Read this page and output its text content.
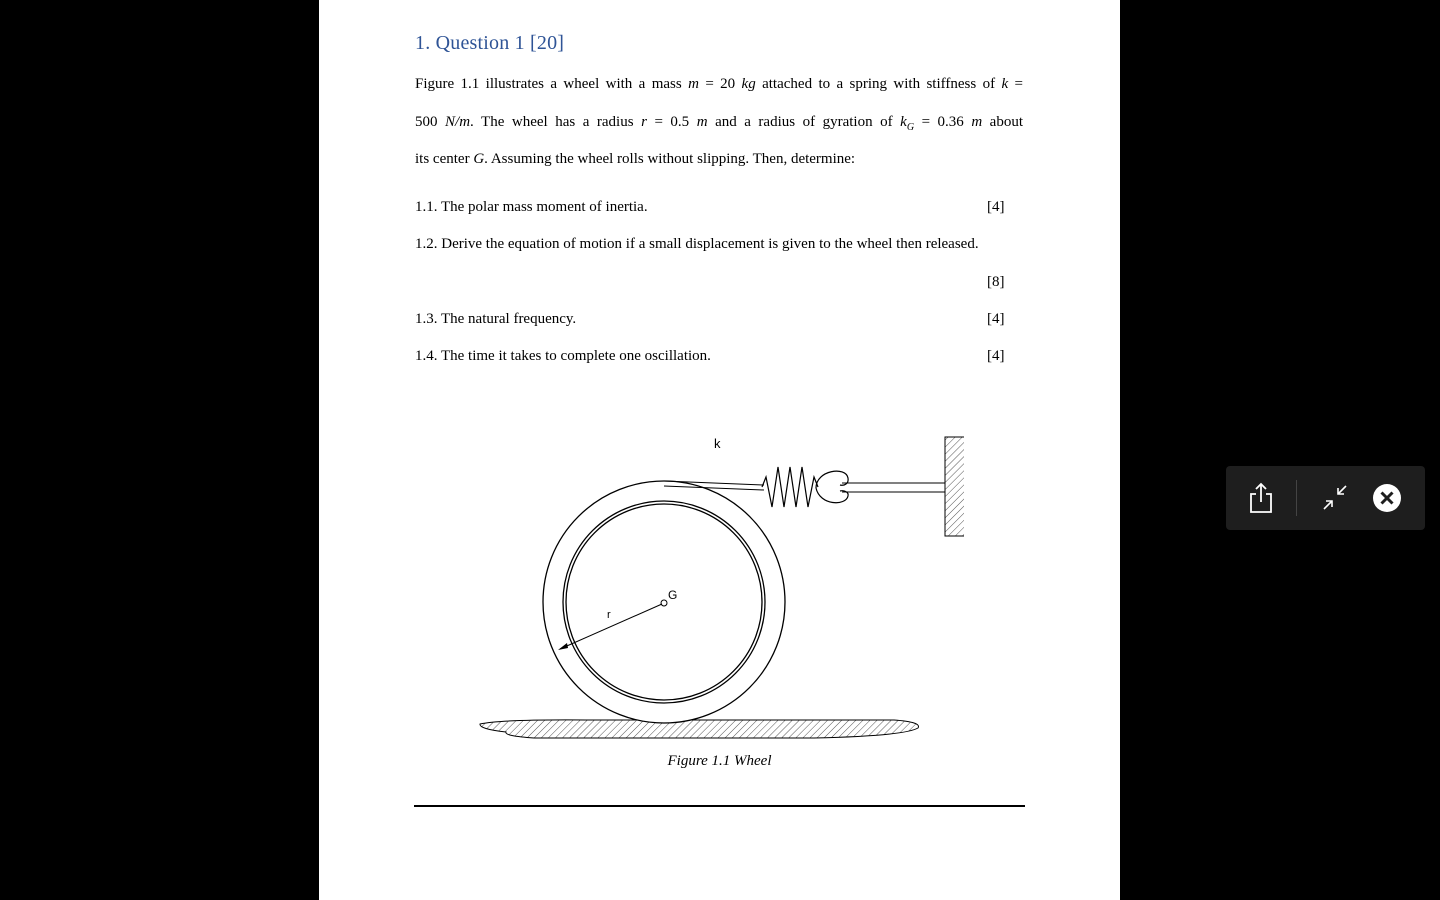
1. Question 1 [20]
Figure 1.1 illustrates a wheel with a mass m = 20 kg attached to a spring with stiffness of k =
500 N/m. The wheel has a radius r = 0.5 m and a radius of gyration of $k_G = 0.36$ m about
its center G. Assuming the wheel rolls without slipping. Then, determine:
1.1. The polar mass moment of inertia.	[4]
1.2. Derive the equation of motion if a small displacement is given to the wheel then released.
[8]
1.3. The natural frequency.	[4]
1.4. The time it takes to complete one oscillation.	[4]
G
r
k
Figure 1.1 Wheel
